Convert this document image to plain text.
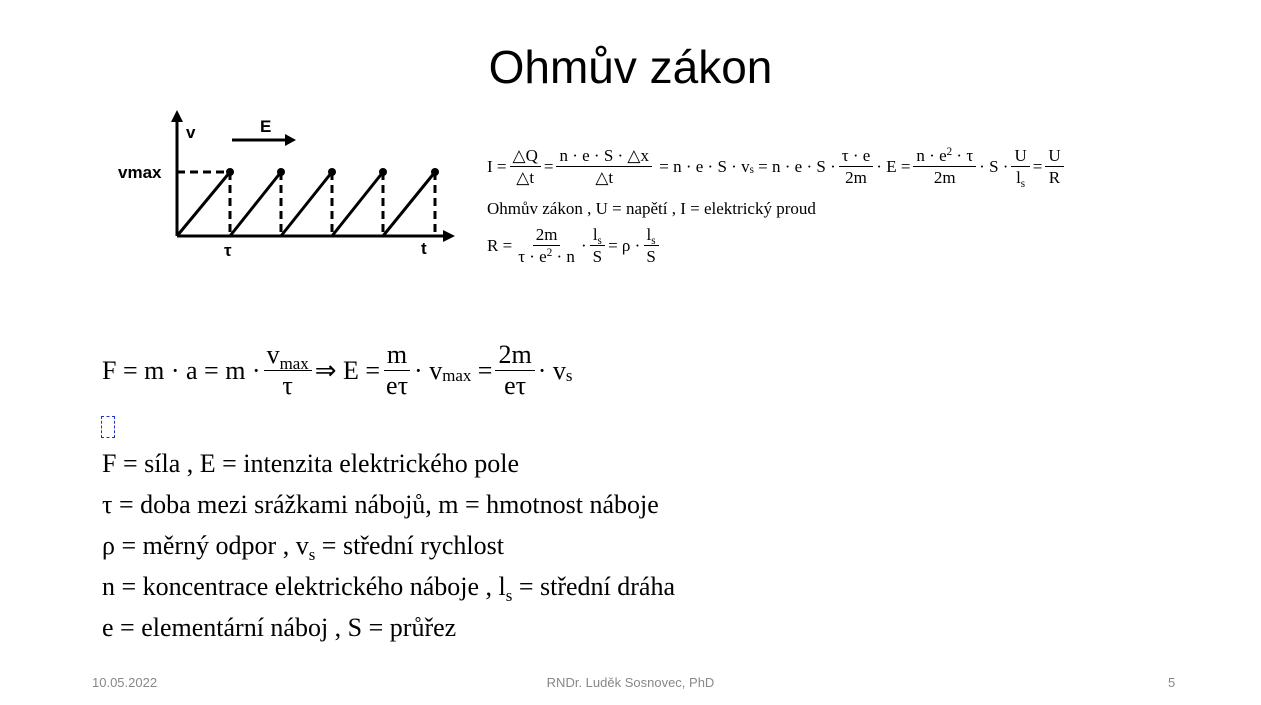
Ohmův zákon
v	E
vmax
τ	t
$I = \frac{\triangle Q}{\triangle t} = \frac{n \cdot e \cdot S \cdot \triangle x}{\triangle t}$
= n · e · S · v s
= $n \cdot e \cdot S \cdot \frac{\tau \cdot e}{2m} \cdot E = \frac{n \cdot e^2 \cdot \tau}{2m} \cdot S \cdot \frac{U}{l_s} = \frac{U}{R}$
Ohmův zákon , U = napětí , I = elektrický proud
$R = \frac{2m}{\tau \cdot e^2 \cdot n} \cdot \frac{l_s}{S} = \rho \cdot \frac{l_s}{S}$
$F = m \cdot a = m \cdot \frac{v_{max}}{\tau}$ ⇒ $E = \frac{m}{e\tau} \cdot v$ max
= $\frac{2m}{e\tau} \cdot v$ s
F = síla , E = intenzita elektrického pole
τ = doba mezi srážkami nábojů, m = hmotnost náboje
ρ = měrný odpor , $v_s$ = střední rychlost
n = koncentrace elektrického náboje , $l_s$ = střední dráha
e = elementární náboj , S = průřez
10.05.2022	RNDr. Luděk Sosnovec, PhD	5
